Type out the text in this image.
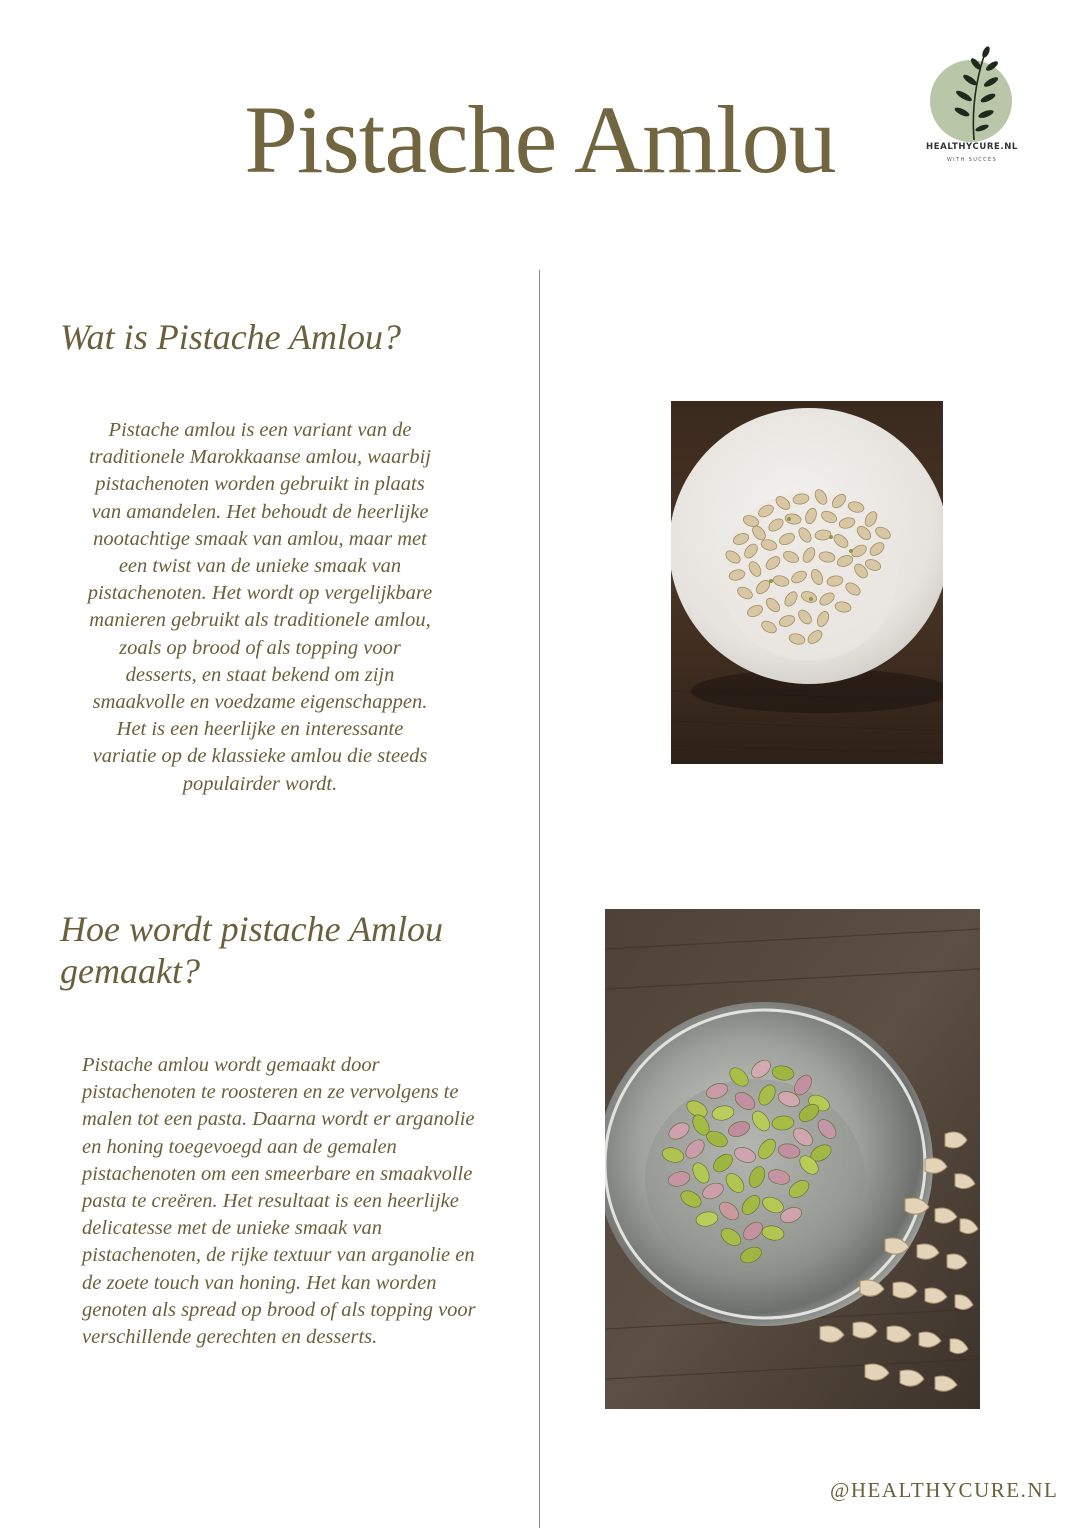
Pistache Amlou	HEALTHYCURE.NL
WITH SUCCES
Wat is Pistache Amlou?

Pistache amlou is een variant van de traditionele Marokkaanse amlou, waarbij pistachenoten worden gebruikt in plaats van amandelen. Het behoudt de heerlijke nootachtige smaak van amlou, maar met een twist van de unieke smaak van pistachenoten. Het wordt op vergelijkbare manieren gebruikt als traditionele amlou, zoals op brood of als topping voor desserts, en staat bekend om zijn smaakvolle en voedzame eigenschappen. Het is een heerlijke en interessante variatie op de klassieke amlou die steeds populairder wordt.

Hoe wordt pistache Amlou gemaakt?

Pistache amlou wordt gemaakt door pistachenoten te roosteren en ze vervolgens te malen tot een pasta. Daarna wordt er arganolie en honing toegevoegd aan de gemalen pistachenoten om een smeerbare en smaakvolle pasta te creëren. Het resultaat is een heerlijke delicatesse met de unieke smaak van pistachenoten, de rijke textuur van arganolie en de zoete touch van honing. Het kan worden genoten als spread op brood of als topping voor verschillende gerechten en desserts.

@HEALTHYCURE.NL
